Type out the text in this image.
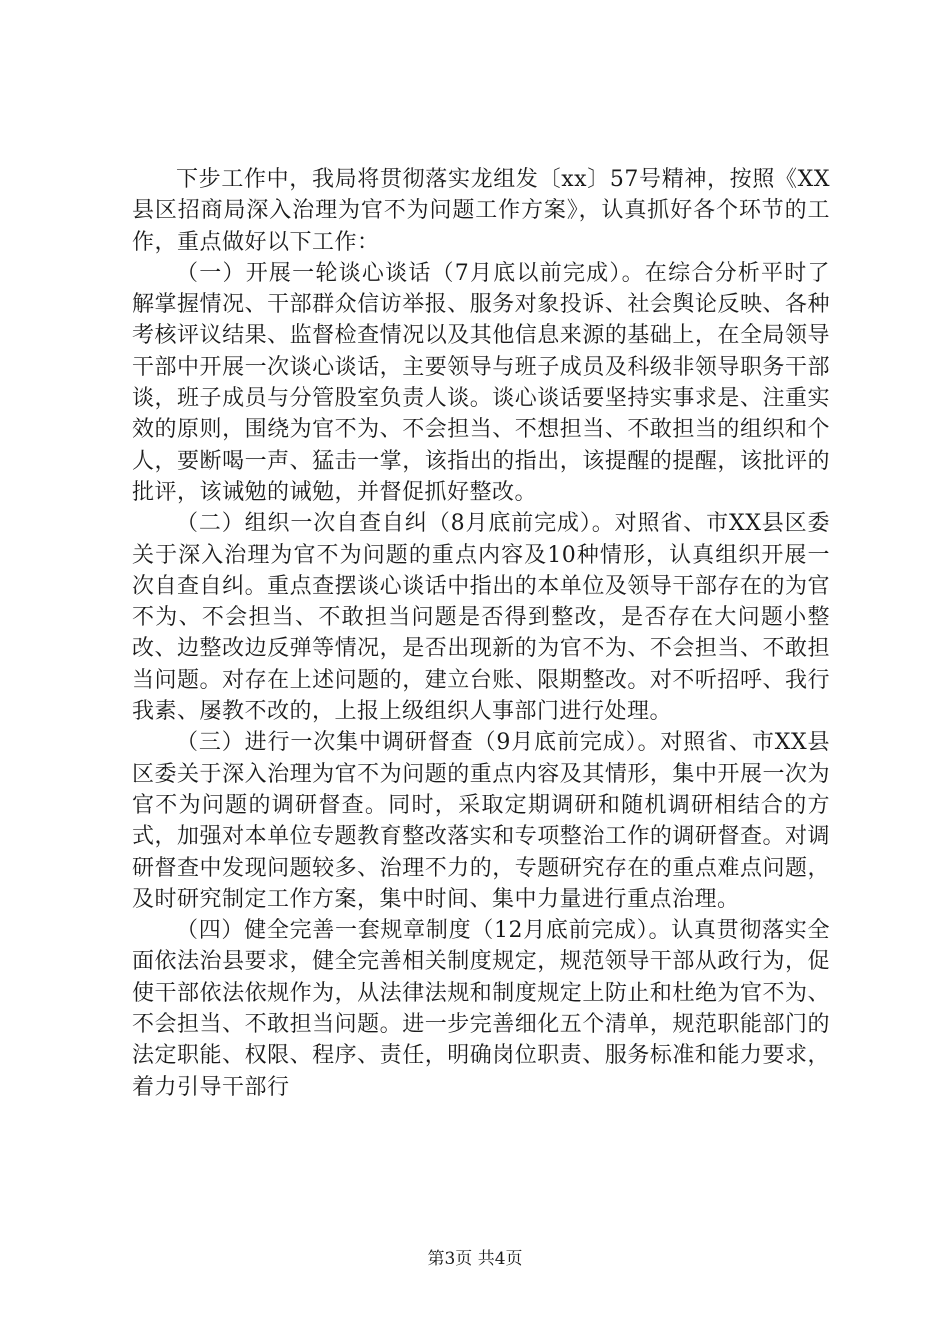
下步工作中，我局将贯彻落实龙组发〔xx〕57号精神，按照《XX县区招商局深入治理为官不为问题工作方案》，认真抓好各个环节的工作，重点做好以下工作：

（一）开展一轮谈心谈话（7月底以前完成）。在综合分析平时了解掌握情况、干部群众信访举报、服务对象投诉、社会舆论反映、各种考核评议结果、监督检查情况以及其他信息来源的基础上，在全局领导干部中开展一次谈心谈话，主要领导与班子成员及科级非领导职务干部谈，班子成员与分管股室负责人谈。谈心谈话要坚持实事求是、注重实效的原则，围绕为官不为、不会担当、不想担当、不敢担当的组织和个人，要断喝一声、猛击一掌，该指出的指出，该提醒的提醒，该批评的批评，该诫勉的诫勉，并督促抓好整改。

（二）组织一次自查自纠（8月底前完成）。对照省、市XX县区委关于深入治理为官不为问题的重点内容及10种情形，认真组织开展一次自查自纠。重点查摆谈心谈话中指出的本单位及领导干部存在的为官不为、不会担当、不敢担当问题是否得到整改，是否存在大问题小整改、边整改边反弹等情况，是否出现新的为官不为、不会担当、不敢担当问题。对存在上述问题的，建立台账、限期整改。对不听招呼、我行我素、屡教不改的，上报上级组织人事部门进行处理。

（三）进行一次集中调研督查（9月底前完成）。对照省、市XX县区委关于深入治理为官不为问题的重点内容及其情形，集中开展一次为官不为问题的调研督查。同时，采取定期调研和随机调研相结合的方式，加强对本单位专题教育整改落实和专项整治工作的调研督查。对调研督查中发现问题较多、治理不力的，专题研究存在的重点难点问题，及时研究制定工作方案，集中时间、集中力量进行重点治理。

（四）健全完善一套规章制度（12月底前完成）。认真贯彻落实全面依法治县要求，健全完善相关制度规定，规范领导干部从政行为，促使干部依法依规作为，从法律法规和制度规定上防止和杜绝为官不为、不会担当、不敢担当问题。进一步完善细化五个清单，规范职能部门的法定职能、权限、程序、责任，明确岗位职责、服务标准和能力要求，着力引导干部行

第3页 共4页
